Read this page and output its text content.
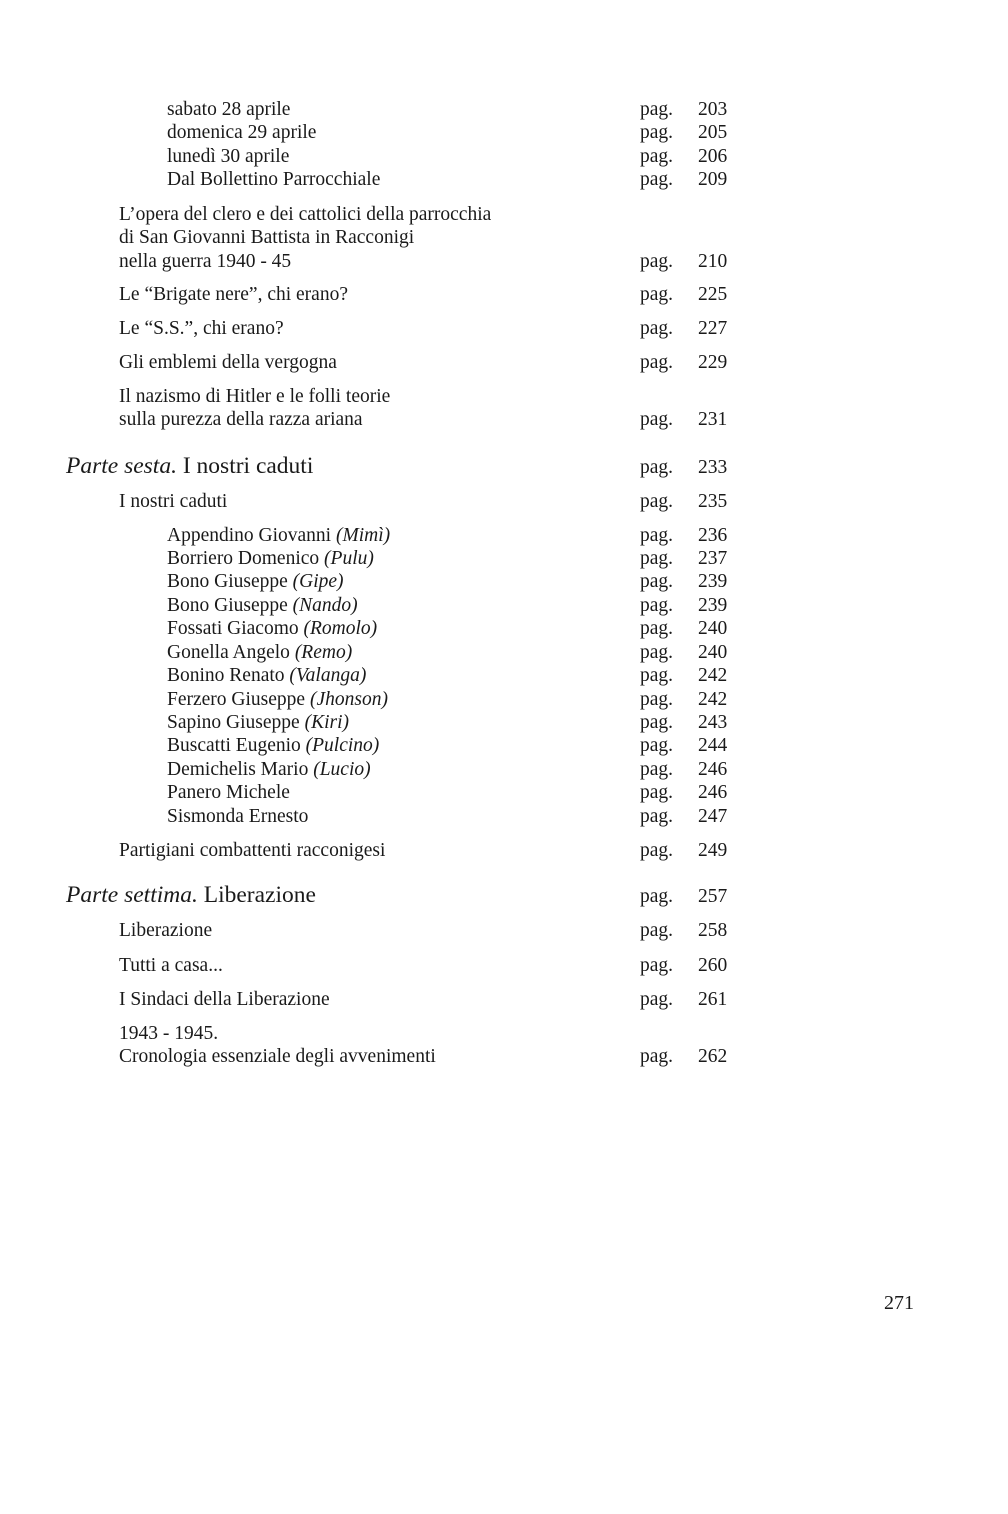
sabato 28 aprile	pag. 203
domenica 29 aprile	pag. 205
lunedì 30 aprile	pag. 206
Dal Bollettino Parrocchiale	pag. 209
L’opera del clero e dei cattolici della parrocchia
di San Giovanni Battista in Racconigi
nella guerra 1940 - 45	pag. 210
Le “Brigate nere”, chi erano?	pag. 225
Le “S.S.”, chi erano?	pag. 227
Gli emblemi della vergogna	pag. 229
Il nazismo di Hitler e le folli teorie
sulla purezza della razza ariana	pag. 231
Parte sesta. I nostri caduti	pag. 233
I nostri caduti	pag. 235
Appendino Giovanni (Mimì)	pag. 236
Borriero Domenico (Pulu)	pag. 237
Bono Giuseppe (Gipe)	pag. 239
Bono Giuseppe (Nando)	pag. 239
Fossati Giacomo (Romolo)	pag. 240
Gonella Angelo (Remo)	pag. 240
Bonino Renato (Valanga)	pag. 242
Ferzero Giuseppe (Jhonson)	pag. 242
Sapino Giuseppe (Kiri)	pag. 243
Buscatti Eugenio (Pulcino)	pag. 244
Demichelis Mario (Lucio)	pag. 246
Panero Michele	pag. 246
Sismonda Ernesto	pag. 247
Partigiani combattenti racconigesi	pag. 249
Parte settima. Liberazione	pag. 257
Liberazione	pag. 258
Tutti a casa...	pag. 260
I Sindaci della Liberazione	pag. 261
1943 - 1945.
Cronologia essenziale degli avvenimenti	pag. 262
271
